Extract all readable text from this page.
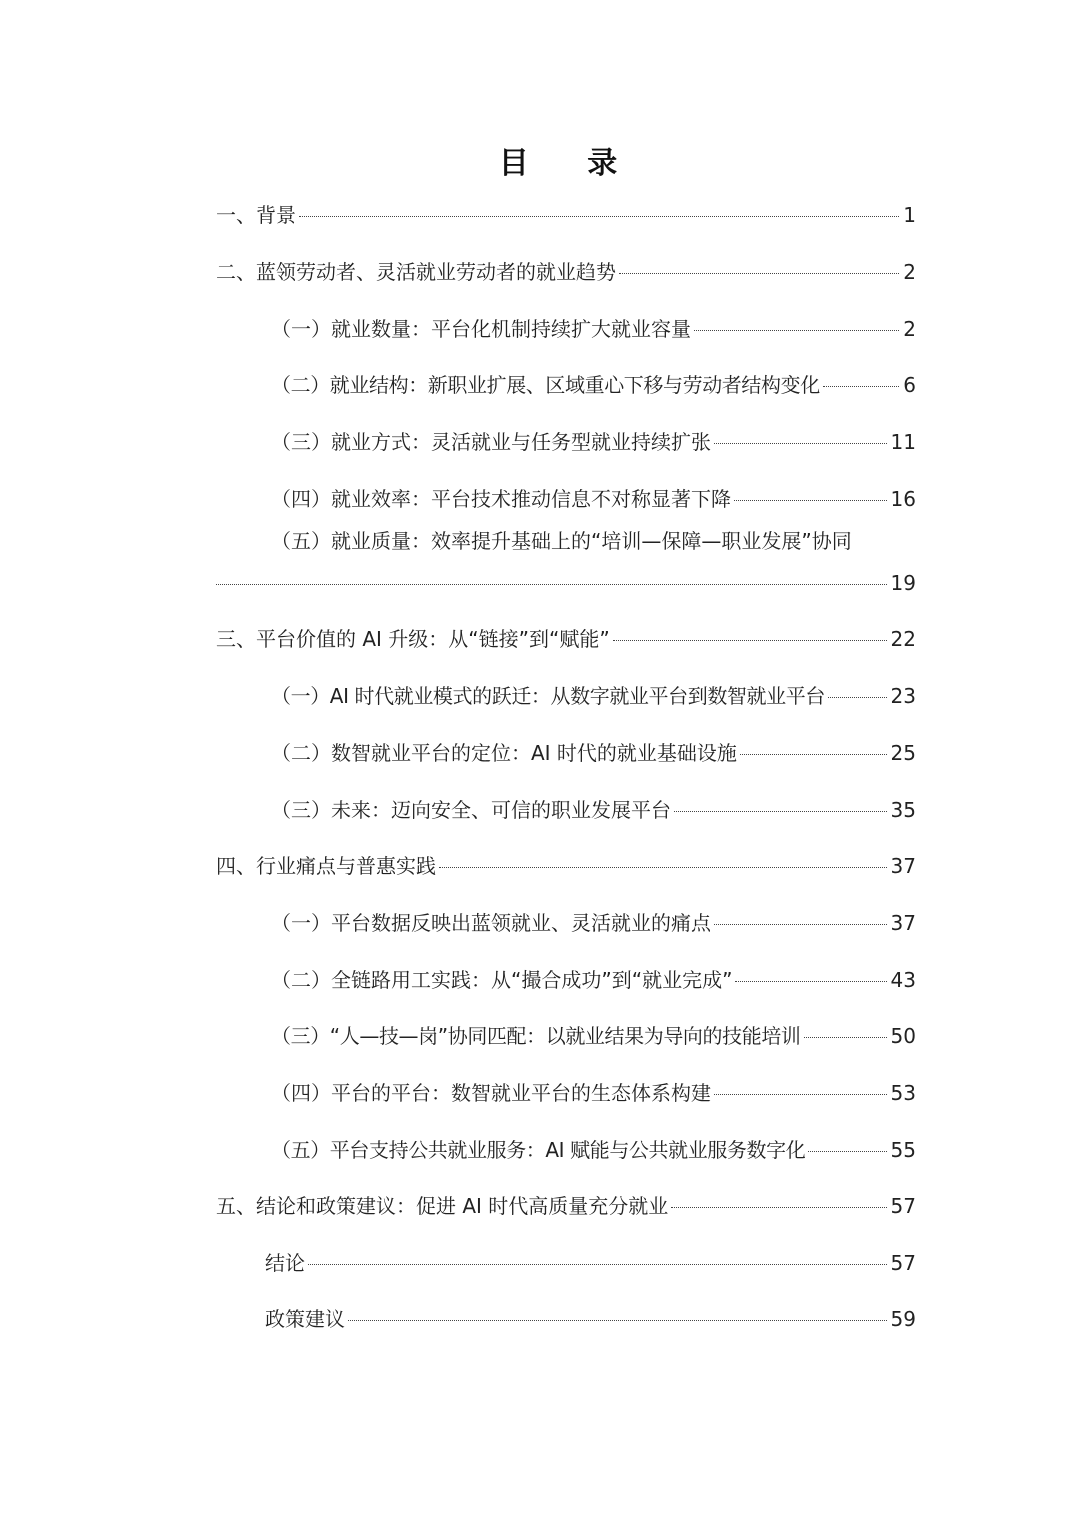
目 录
一、背景	1
二、蓝领劳动者、灵活就业劳动者的就业趋势	2
（一）就业数量：平台化机制持续扩大就业容量	2
（二）就业结构：新职业扩展、区域重心下移与劳动者结构变化	6
（三）就业方式：灵活就业与任务型就业持续扩张	11
（四）就业效率：平台技术推动信息不对称显著下降	16
（五）就业质量：效率提升基础上的“培训—保障—职业发展”协同
19
三、平台价值的 AI 升级：从“链接”到“赋能”	22
（一）AI 时代就业模式的跃迁：从数字就业平台到数智就业平台	23
（二）数智就业平台的定位：AI 时代的就业基础设施	25
（三）未来：迈向安全、可信的职业发展平台	35
四、行业痛点与普惠实践	37
（一）平台数据反映出蓝领就业、灵活就业的痛点	37
（二）全链路用工实践：从“撮合成功”到“就业完成”	43
（三）“人—技—岗”协同匹配：以就业结果为导向的技能培训	50
（四）平台的平台：数智就业平台的生态体系构建	53
（五）平台支持公共就业服务：AI 赋能与公共就业服务数字化	55
五、结论和政策建议：促进 AI 时代高质量充分就业	57
结论	57
政策建议	59
